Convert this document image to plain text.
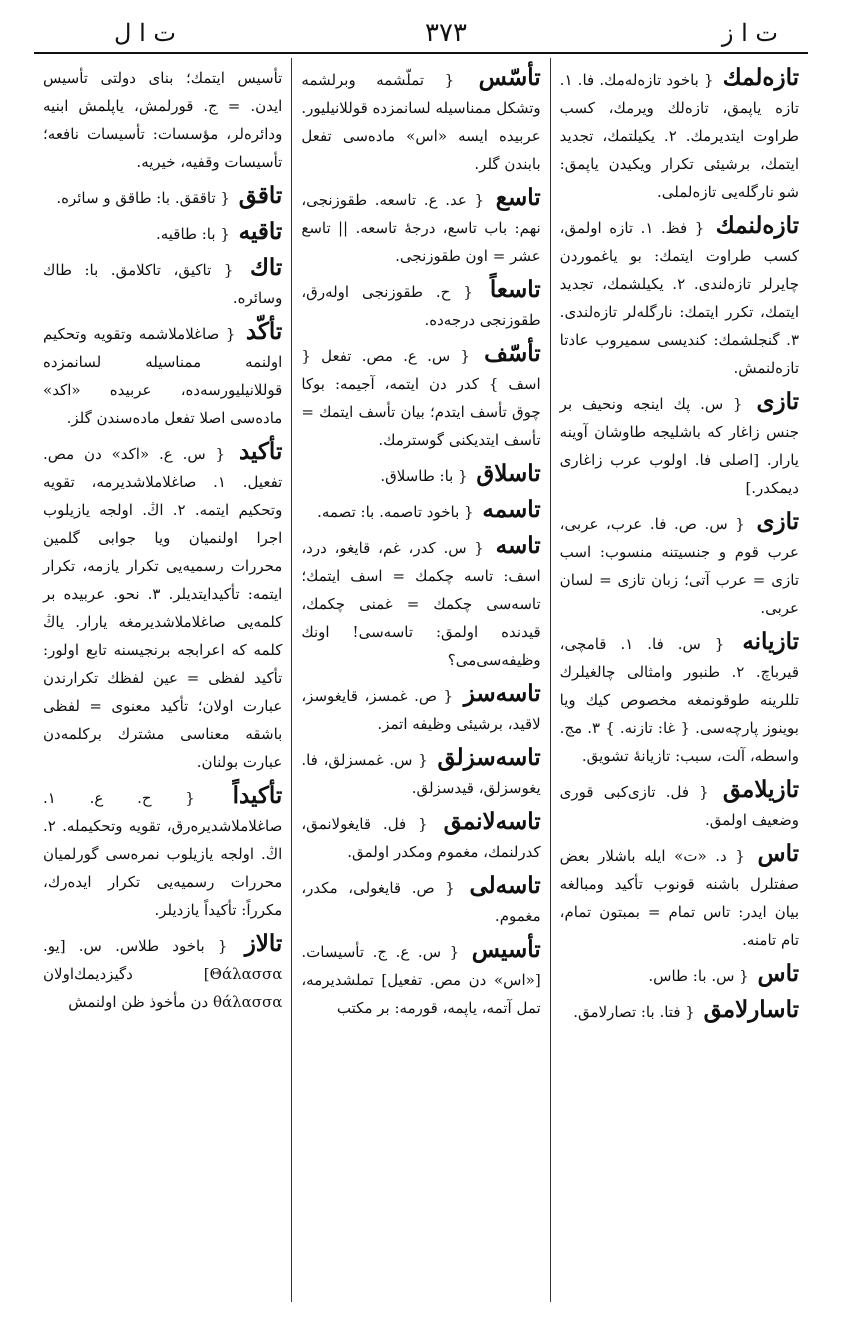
ت ا ل	٣٧٣	ت ا ز

تازه‌لمك { باخود تازه‌له‌مك. فا. ١. تازه یاپمق، تازه‌لك ویرمك، كسب طراوت ایتدیرمك. ٢. یكیلتمك، تجدید ایتمك، برشیئی تكرار ویكیدن یاپمق: شو نارگله‌یی تازه‌لملی.

تازه‌لنمك { فظ. ١. تازه اولمق، كسب طراوت ایتمك: بو یاغموردن چایرلر تازه‌لندی. ٢. یكیلشمك، تجدید ایتمك، تكرر ایتمك: نارگله‌لر تازه‌لندی. ٣. گنجلشمك: كندیسی سمیروب عادتا تازه‌لنمش.

تازی { س. پك اینجه ونحیف بر جنس زاغار كه باشلیجه طاوشان آوینه یارار. [اصلی فا. اولوب عرب زاغاری دیمكدر.]

تازی { س. ص. فا. عرب، عربی، عرب قوم و جنسیتنه منسوب: اسب تازی = عرب آتی؛ زبان تازی = لسان عربی.

تازیانه { س. فا. ١. قامچی، قیرباچ. ٢. طنبور وامثالی چالغیلرك تللرینه طوقونمغه مخصوص كیك ویا بوینوز پارچه‌سی. { غا: تازنه. } ٣. مج. واسطه، آلت، سبب: تازیانهٔ تشویق.

تازیلامق { فل. تازی‌كبی قوری وضعیف اولمق.

تاس { د. «ت» ایله باشلار بعض صفتلرل باشنه قونوب تأكید ومبالغه بیان ایدر: تاس تمام = بمبتون تمام، تام تامنه.

تاس { س. با: طاس.

تاسارلامق { فتا. با: تصارلامق.

تأسّس { تملّشمه وبرلشمه وتشكل ممناسیله لسانمزده قوللانیلیور. عربیده ایسه «اس» ماده‌سی تفعل بابندن گلر.

تاسع { عد. ع. تاسعه. طقوزنجی، نهم: باب تاسع، درجهٔ تاسعه. || تاسع عشر = اون طقوزنجی.

تاسعاً { ح. طقوزنجی اوله‌رق، طقوزنجی درجه‌ده.

تأسّف { س. ع. مص. تفعل { اسف } كدر دن ایتمه، آجیمه: بوكا چوق تأسف ایتدم؛ بیان تأسف ایتمك = تأسف ایتدیكنی گوسترمك.

تاسلاق { با: طاسلاق.

تاسمه { باخود تاصمه. با: تصمه.

تاسه { س. كدر، غم، قایغو، درد، اسف: تاسه چكمك = اسف ایتمك؛ تاسه‌سی چكمك = غمنی چكمك، قیدنده اولمق: تاسه‌سی! اونك وظیفه‌سی‌می؟

تاسه‌سز { ص. غمسز، قایغوسز، لاقید، برشیئی وظیفه اتمز.

تاسه‌سزلق { س. غمسزلق، فا. یغوسزلق، قیدسزلق.

تاسه‌لانمق { فل. قایغولانمق، كدرلنمك، مغموم ومكدر اولمق.

تاسه‌لی { ص. قایغولی، مكدر، مغموم.

تأسیس { س. ع. ج. تأسیسات. [«اس» دن مص. تفعیل] تملشدیرمه، تمل آتمه، یاپمه، قورمه: بر مكتب

تأسیس ایتمك؛ بنای دولتی تأسیس ایدن. = ج. قورلمش، یاپلمش ابنیه ودائره‌لر، مؤسسات: تأسیسات نافعه؛ تأسیسات وقفیه، خیریه.

تاقق { تاققق. با: طاقق و سائره.

تاقیه { با: طاقیه.

تاك { تاكیق، تاكلامق. با: طاك وسائره.

تأكّد { صاغلاملاشمه وتقویه وتحكیم اولنمه ممناسیله لسانمزده قوللانیلیور‌سه‌ده، عربیده «اكد» ماده‌سی اصلا تفعل ماده‌سندن گلز.

تأكید { س. ع. «اكد» دن مص. تفعیل. ١. صاغلاملاشدیرمه، تقویه وتحكیم ایتمه. ٢. اڭ. اولجه یازیلوب اجرا اولنمیان ویا جوابی گلمین محررات رسمیه‌یی تكرار یازمه، تكرار ایتمه: تأكیدایتدیلر. ٣. نحو. عربیده بر كلمه‌یی صاغلاملاشدیرمغه یارار. یاڭ كلمه كه اعرابجه برنجیسنه تابع اولور: تأكید لفظی = عین لفظك تكرارندن عبارت اولان؛ تأكید معنوی = لفظی باشقه معناسی مشترك بركلمه‌دن عبارت بولنان.

تأكیداً { ح. ع. ١. صاغلاملاشدیره‌رق، تقویه وتحكیمله. ٢. اڭ. اولجه یازیلوب نمره‌سی گورلمیان محررات رسمیه‌یی تكرار ایده‌رك، مكرراً: تأكیداً یازدیلر.

تالاز { باخود طلاس. س. [یو. Θάλασσα] دگیزدیمك‌اولان θάλασσα دن مأخوذ ظن اولنمش
